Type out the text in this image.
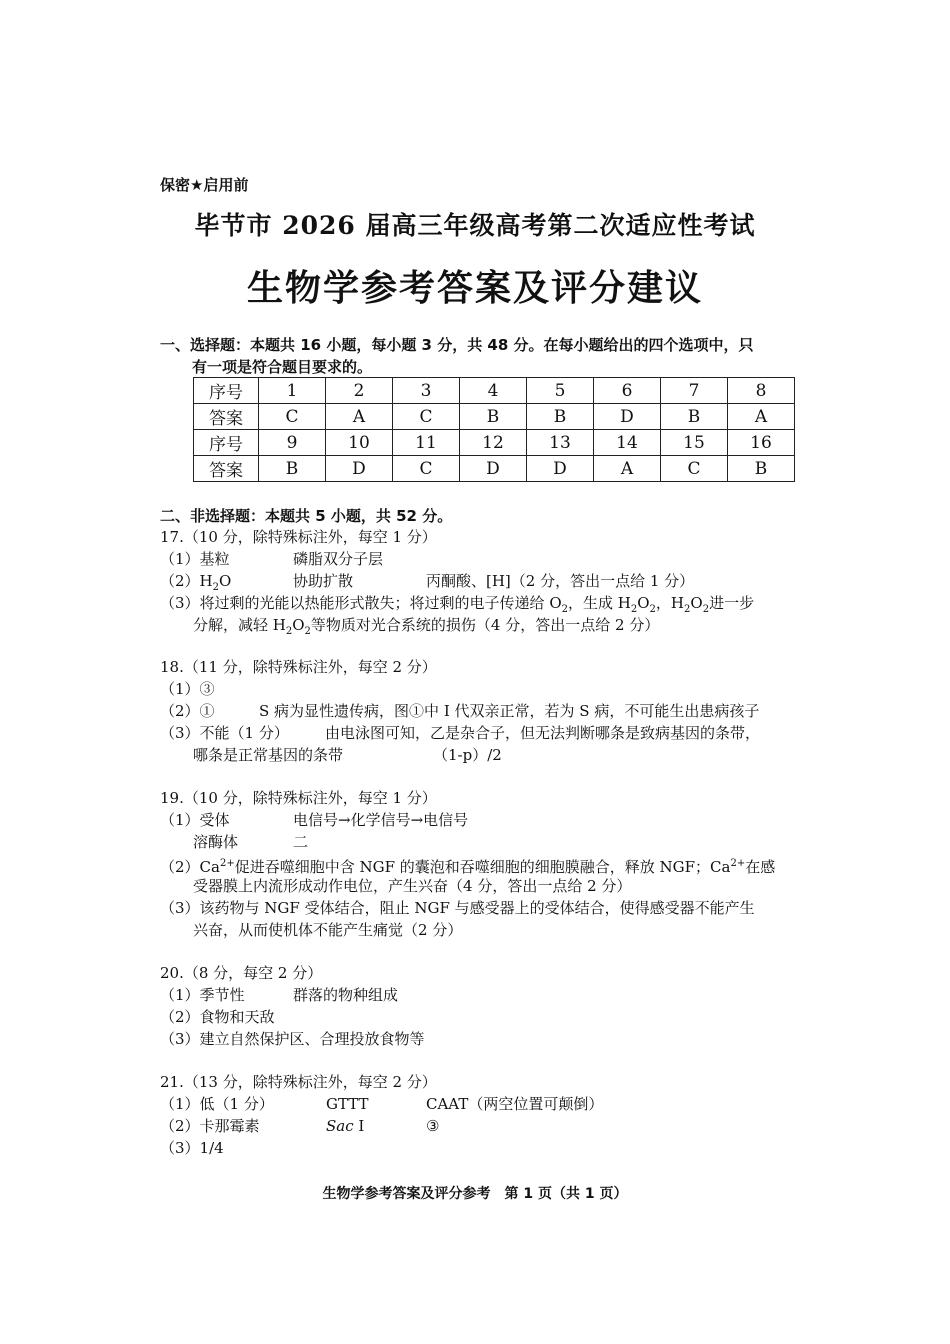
保密★启用前
毕节市 2026 届高三年级高考第二次适应性考试
生物学参考答案及评分建议
一、选择题：本题共 16 小题，每小题 3 分，共 48 分。在每小题给出的四个选项中，只
有一项是符合题目要求的。
序号	1	2	3	4	5	6	7	8
答案	C	A	C	B	B	D	B	A
序号	9	10	11	12	13	14	15	16
答案	B	D	C	D	D	A	C	B
二、非选择题：本题共 5 小题，共 52 分。
17.（10 分，除特殊标注外，每空 1 分）
（1）基粒	磷脂双分子层
$(2)H_2O$	协助扩散	丙酮酸、[H]（2 分，答出一点给 1 分）
（3）将过剩的光能以热能形式散失；将过剩的电子传递给 $O_2$，生成 $H_2O_2$，$H_2O_2$进一步
分解，减轻 $H_2O_2$等物质对光合系统的损伤（4 分，答出一点给 2 分）
18.（11 分，除特殊标注外，每空 2 分）
（1）③
（2）①	S 病为显性遗传病，图①中 I 代双亲正常，若为 S 病，不可能生出患病孩子
（3）不能（1 分） 由电泳图可知，乙是杂合子，但无法判断哪条是致病基因的条带，
哪条是正常基因的条带	（1-p）/2
19.（10 分，除特殊标注外，每空 1 分）
（1）受体	电信号→化学信号→电信号
溶酶体	二
$(2)Ca^{2+}$促进吞噬细胞中含 NGF 的囊泡和吞噬细胞的细胞膜融合，释放 NGF；$Ca^{2+}$在感
受器膜上内流形成动作电位，产生兴奋（4 分，答出一点给 2 分）
（3）该药物与 NGF 受体结合，阻止 NGF 与感受器上的受体结合，使得感受器不能产生
兴奋，从而使机体不能产生痛觉（2 分）
20.（8 分，每空 2 分）
（1）季节性	群落的物种组成
（2）食物和天敌
（3）建立自然保护区、合理投放食物等
21.（13 分，除特殊标注外，每空 2 分）
（1）低（1 分）	GTTT	CAAT（两空位置可颠倒）
（2）卡那霉素	Sac I	③
（3）1/4
生物学参考答案及评分参考　第 1 页（共 1 页）
